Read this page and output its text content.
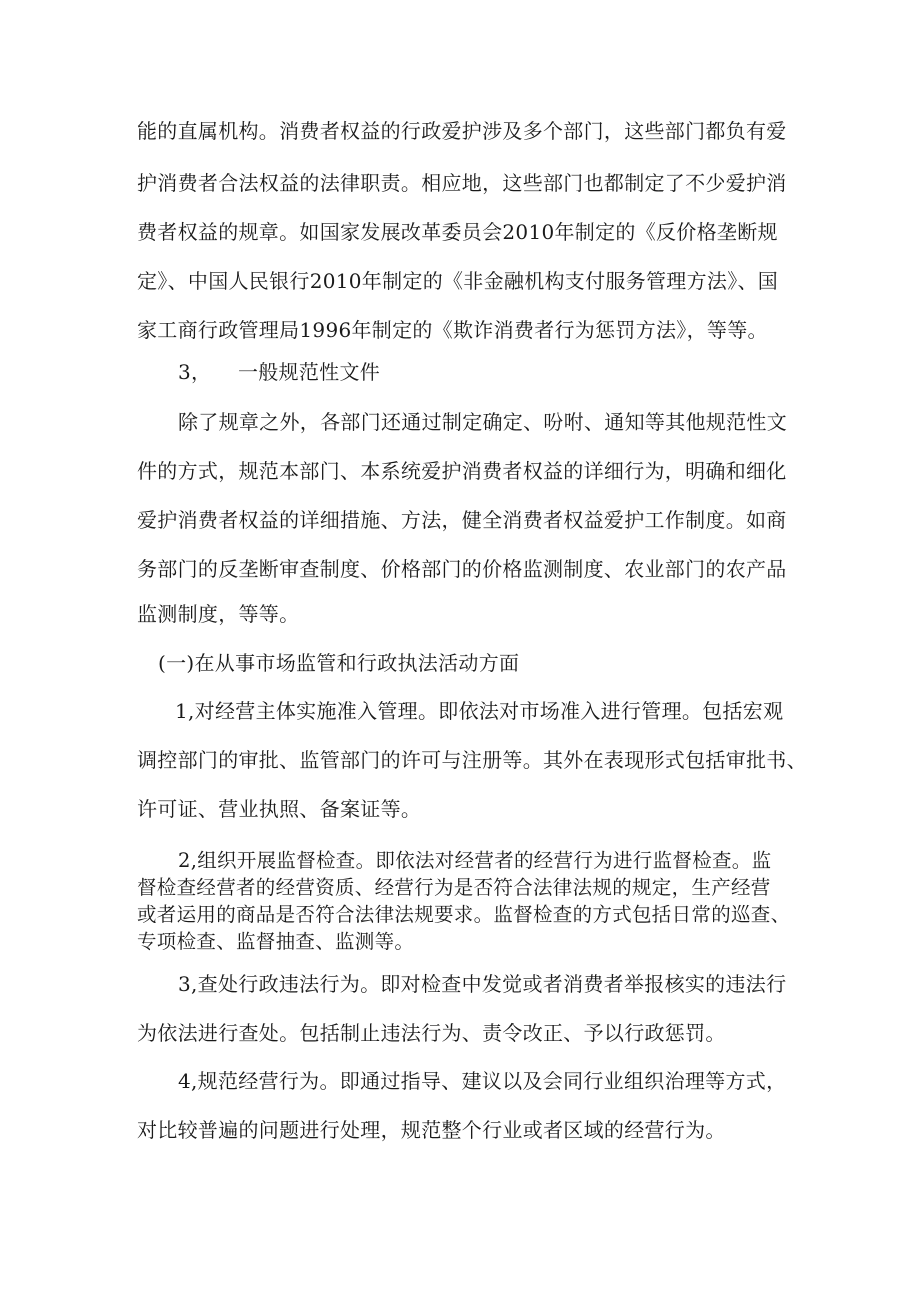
能的直属机构。消费者权益的行政爱护涉及多个部门，这些部门都负有爱
护消费者合法权益的法律职责。相应地，这些部门也都制定了不少爱护消
费者权益的规章。如国家发展改革委员会2010年制定的《反价格垄断规
定》、中国人民银行2010年制定的《非金融机构支付服务管理方法》、国
家工商行政管理局1996年制定的《欺诈消费者行为惩罚方法》，等等。
3，    一般规范性文件
除了规章之外，各部门还通过制定确定、吩咐、通知等其他规范性文
件的方式，规范本部门、本系统爱护消费者权益的详细行为，明确和细化
爱护消费者权益的详细措施、方法，健全消费者权益爱护工作制度。如商
务部门的反垄断审查制度、价格部门的价格监测制度、农业部门的农产品
监测制度，等等。
(一)在从事市场监管和行政执法活动方面
1,对经营主体实施准入管理。即依法对市场准入进行管理。包括宏观
调控部门的审批、监管部门的许可与注册等。其外在表现形式包括审批书、
许可证、营业执照、备案证等。
2,组织开展监督检查。即依法对经营者的经营行为进行监督检查。监
督检查经营者的经营资质、经营行为是否符合法律法规的规定，生产经营
或者运用的商品是否符合法律法规要求。监督检查的方式包括日常的巡查、
专项检查、监督抽查、监测等。
3,查处行政违法行为。即对检查中发觉或者消费者举报核实的违法行
为依法进行查处。包括制止违法行为、责令改正、予以行政惩罚。
4,规范经营行为。即通过指导、建议以及会同行业组织治理等方式，
对比较普遍的问题进行处理，规范整个行业或者区域的经营行为。
